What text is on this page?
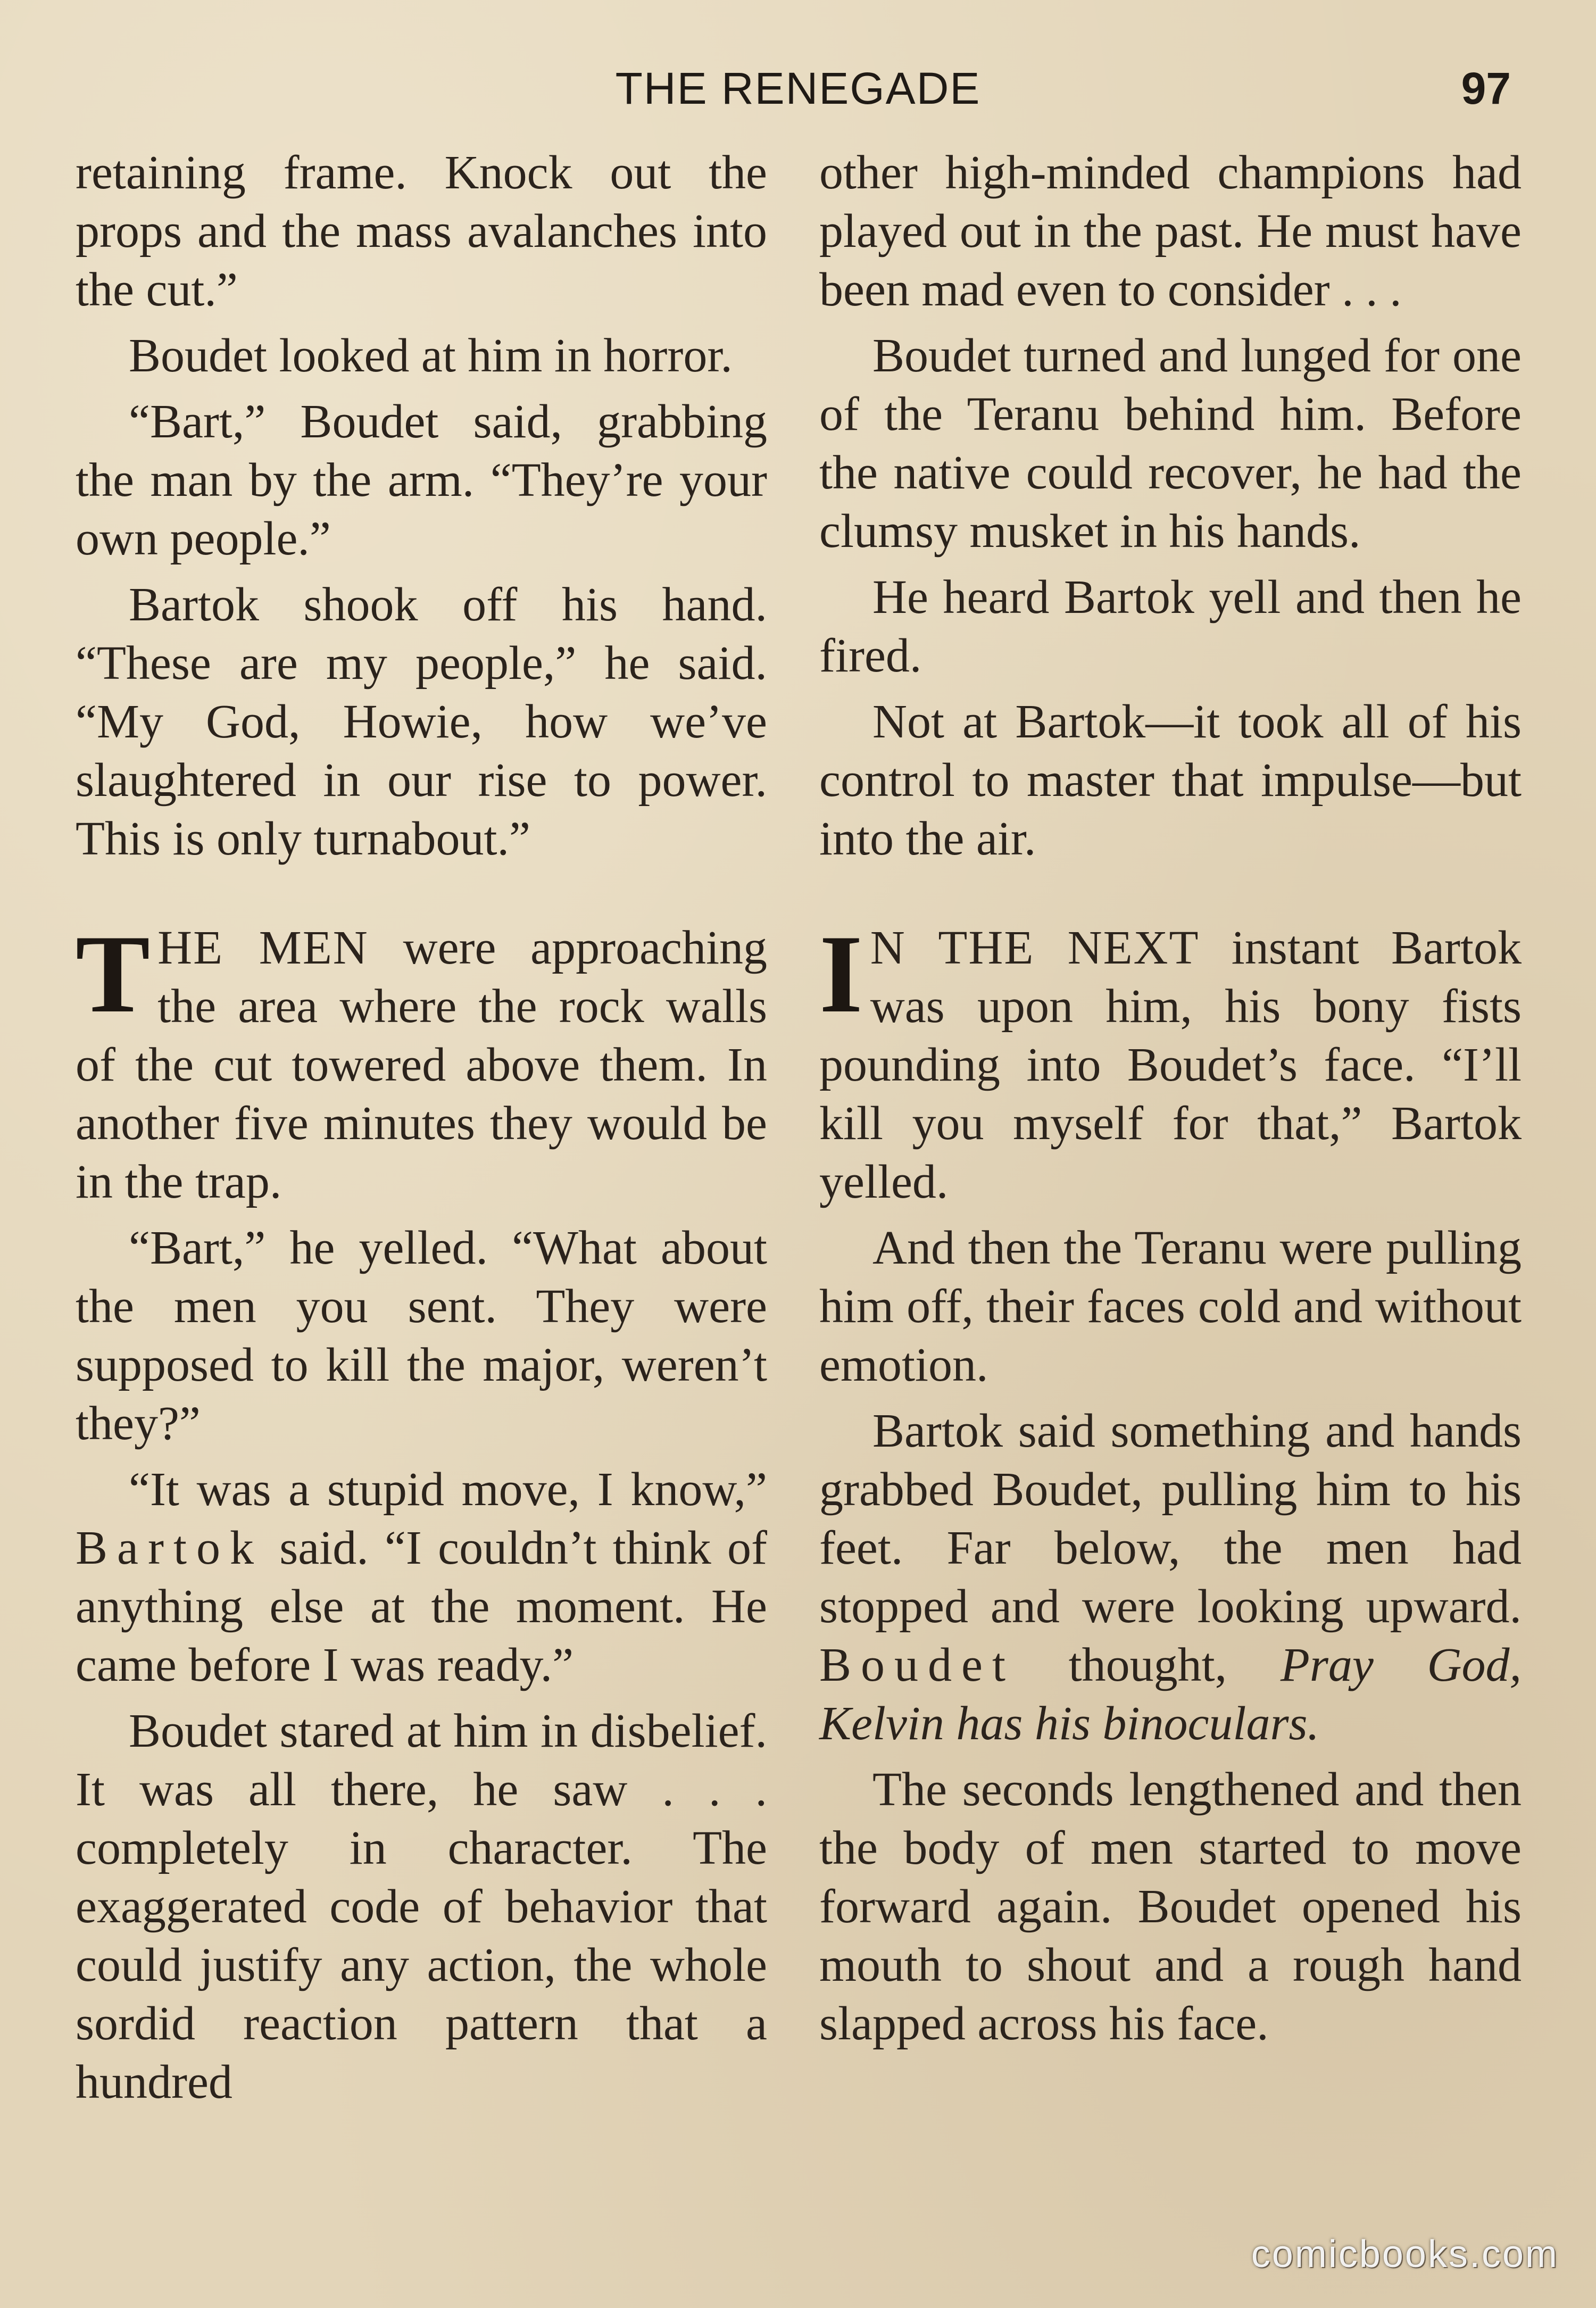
THE RENEGADE	97

retaining frame. Knock out the props and the mass avalanches into the cut.”

Boudet looked at him in horror.

“Bart,” Boudet said, grabbing the man by the arm. “They’re your own people.”

Bartok shook off his hand. “These are my people,” he said. “My God, Howie, how we’ve slaughtered in our rise to power. This is only turnabout.”

THE MEN were approaching the area where the rock walls of the cut towered above them. In another five minutes they would be in the trap.

“Bart,” he yelled. “What about the men you sent. They were supposed to kill the major, weren’t they?”

“It was a stupid move, I know,” Bartok said. “I couldn’t think of anything else at the moment. He came before I was ready.”

Boudet stared at him in disbelief. It was all there, he saw . . . completely in character. The exaggerated code of behavior that could justify any action, the whole sordid reaction pattern that a hundred

other high-minded champions had played out in the past. He must have been mad even to consider . . .

Boudet turned and lunged for one of the Teranu behind him. Before the native could recover, he had the clumsy musket in his hands.

He heard Bartok yell and then he fired.

Not at Bartok—it took all of his control to master that impulse—but into the air.

I N THE NEXT instant Bartok was upon him, his bony fists pounding into Boudet’s face. “I’ll kill you myself for that,” Bartok yelled.

And then the Teranu were pulling him off, their faces cold and without emotion.

Bartok said something and hands grabbed Boudet, pulling him to his feet. Far below, the men had stopped and were looking upward. Boudet thought, Pray God, Kelvin has his binoculars.

The seconds lengthened and then the body of men started to move forward again. Boudet opened his mouth to shout and a rough hand slapped across his face.

comicbooks.com
